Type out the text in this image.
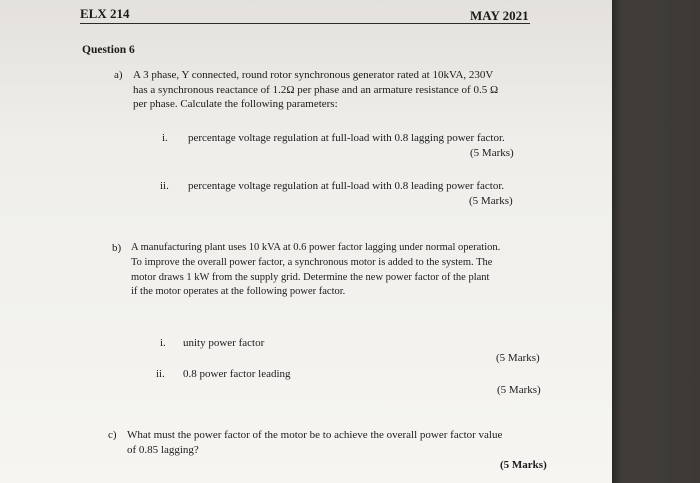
ELX 214	MAY 2021
Question 6
a) A 3 phase, Y connected, round rotor synchronous generator rated at 10kVA, 230V
has a synchronous reactance of 1.2Ω per phase and an armature resistance of 0.5 Ω
per phase. Calculate the following parameters:
i. percentage voltage regulation at full-load with 0.8 lagging power factor.
(5 Marks)
ii. percentage voltage regulation at full-load with 0.8 leading power factor.
(5 Marks)
b) A manufacturing plant uses 10 kVA at 0.6 power factor lagging under normal operation.
To improve the overall power factor, a synchronous motor is added to the system. The
motor draws 1 kW from the supply grid. Determine the new power factor of the plant
if the motor operates at the following power factor.
i. unity power factor
(5 Marks)
ii. 0.8 power factor leading
(5 Marks)
c) What must the power factor of the motor be to achieve the overall power factor value
of 0.85 lagging?
(5 Marks)
